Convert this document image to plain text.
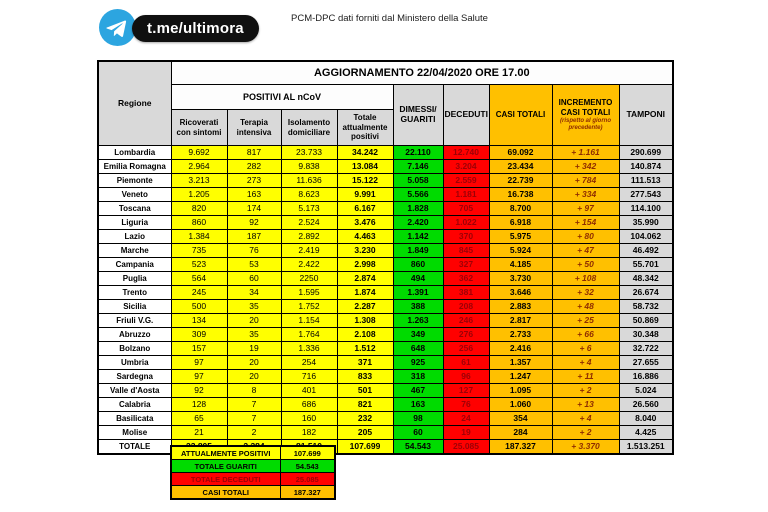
t.me/ultimora
PCM-DPC dati forniti dal Ministero della Salute
Regione	AGGIORNAMENTO 22/04/2020 ORE 17.00								
	POSITIVI AL nCoV				DIMESSI/ GUARITI	DECEDUTI	CASI TOTALI	INCREMENTO CASI TOTALI
(rispetto al giorno precedente)	TAMPONI
	Ricoverati con sintomi	Terapia intensiva	Isolamento domiciliare	Totale attualmente positivi					
Lombardia	9.692	817	23.733	34.242	22.110	12.740	69.092	+ 1.161	290.699
Emilia Romagna	2.964	282	9.838	13.084	7.146	3.204	23.434	+ 342	140.874
Piemonte	3.213	273	11.636	15.122	5.058	2.559	22.739	+ 784	111.513
Veneto	1.205	163	8.623	9.991	5.566	1.181	16.738	+ 334	277.543
Toscana	820	174	5.173	6.167	1.828	705	8.700	+ 97	114.100
Liguria	860	92	2.524	3.476	2.420	1.022	6.918	+ 154	35.990
Lazio	1.384	187	2.892	4.463	1.142	370	5.975	+ 80	104.062
Marche	735	76	2.419	3.230	1.849	845	5.924	+ 47	46.492
Campania	523	53	2.422	2.998	860	327	4.185	+ 50	55.701
Puglia	564	60	2250	2.874	494	362	3.730	+ 108	48.342
Trento	245	34	1.595	1.874	1.391	381	3.646	+ 32	26.674
Sicilia	500	35	1.752	2.287	388	208	2.883	+ 48	58.732
Friuli V.G.	134	20	1.154	1.308	1.263	246	2.817	+ 25	50.869
Abruzzo	309	35	1.764	2.108	349	276	2.733	+ 66	30.348
Bolzano	157	19	1.336	1.512	648	256	2.416	+ 6	32.722
Umbria	97	20	254	371	925	61	1.357	+ 4	27.655
Sardegna	97	20	716	833	318	96	1.247	+ 11	16.886
Valle d'Aosta	92	8	401	501	467	127	1.095	+ 2	5.024
Calabria	128	7	686	821	163	76	1.060	+ 13	26.560
Basilicata	65	7	160	232	98	24	354	+ 4	8.040
Molise	21	2	182	205	60	19	284	+ 2	4.425
TOTALE				107.699	54.543	25.085	187.327	+ 3.370	1.513.251
ATTUALMENTE POSITIVI	107.699
TOTALE GUARITI	54.543
TOTALE DECEDUTI	25.085
CASI TOTALI	187.327
